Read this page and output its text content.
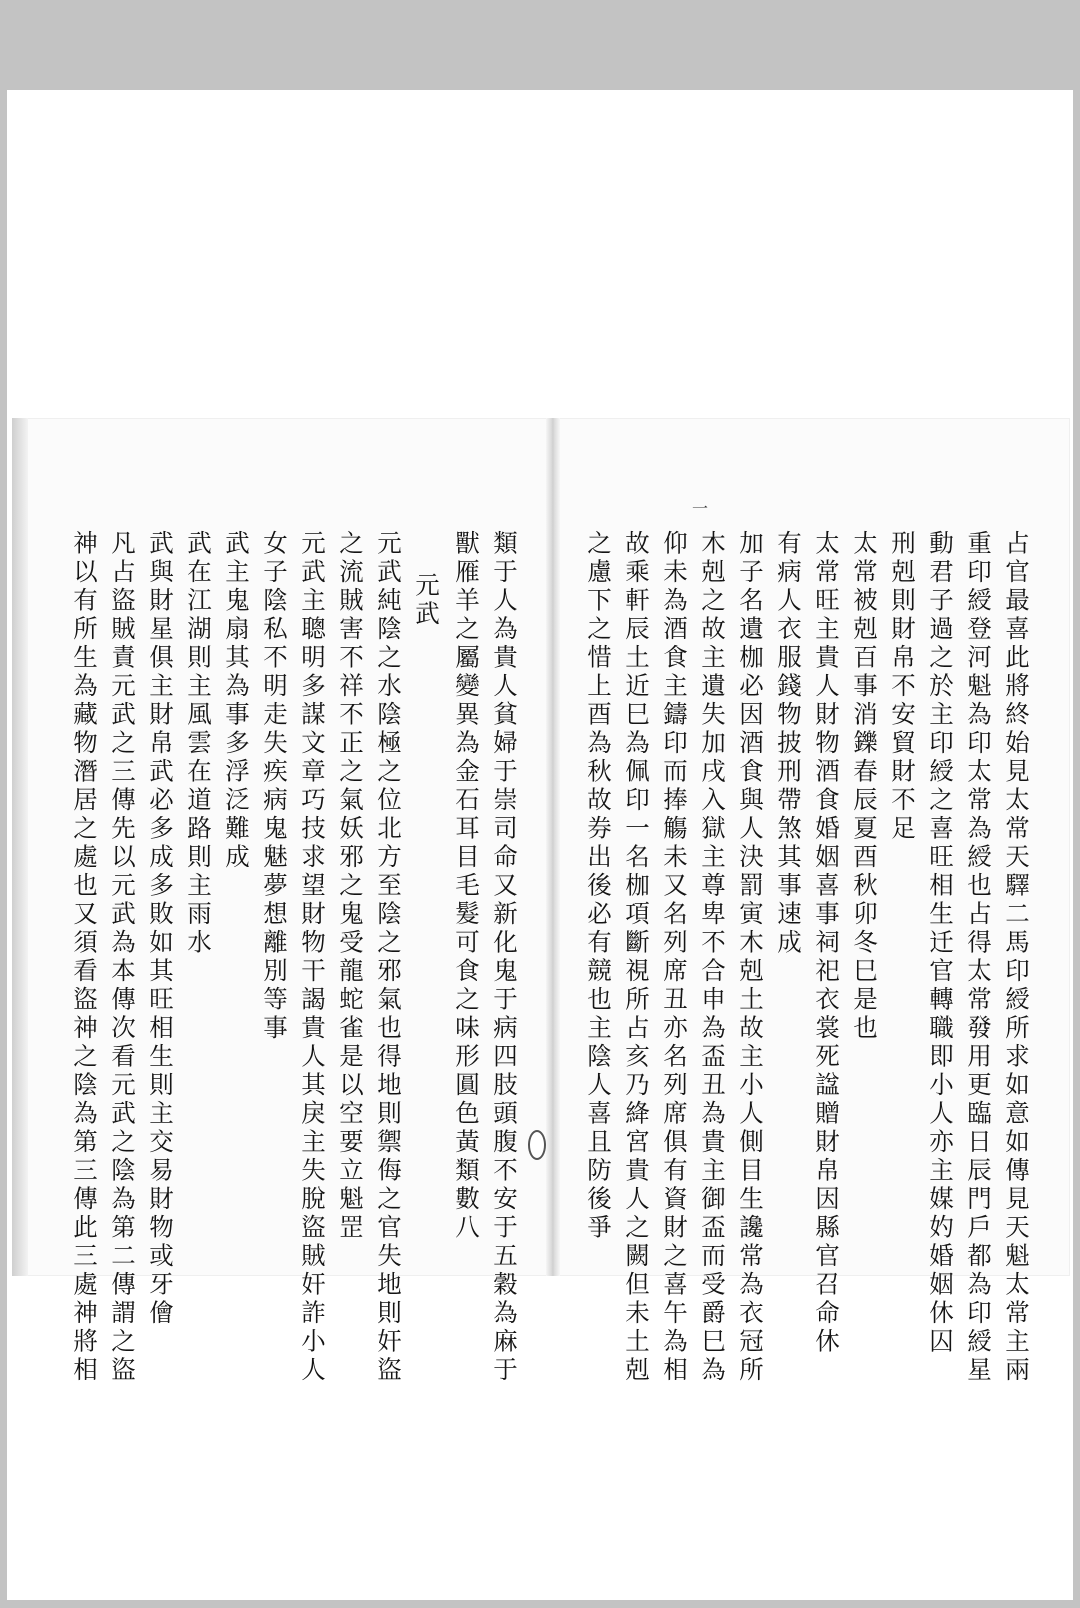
一
占官最喜此將終始見太常天驛二馬印綬所求如意如傳見天魁太常主兩
重印綬登河魁為印太常為綬也占得太常發用更臨日辰門戶都為印綬星
動君子過之於主印綬之喜旺相生迁官轉職即小人亦主媒妁婚姻休囚
刑剋則財帛不安貿財不足
太常被剋百事消鑠春辰夏酉秋卯冬巳是也
太常旺主貴人財物酒食婚姻喜事祠祀衣裳死諡贈財帛因縣官召命休
有病人衣服錢物披刑帶煞其事速成
加子名遺枷必因酒食與人決罰寅木剋土故主小人側目生讒常為衣冠所
木剋之故主遺失加戌入獄主尊卑不合申為盃丑為貴主御盃而受爵巳為
仰未為酒食主鑄印而捧觴未又名列席丑亦名列席俱有資財之喜午為相
故乘軒辰土近巳為佩印一名枷項斷視所占亥乃絳宮貴人之闕但未土剋
之慮下之惜上酉為秋故券出後必有競也主陰人喜且防後爭
類于人為貴人貧婦于崇司命又新化鬼于病四肢頭腹不安于五穀為麻于
獸雁羊之屬變異為金石耳目毛髮可食之味形圓色黃類數八
元武
元武純陰之水陰極之位北方至陰之邪氣也得地則禦侮之官失地則奸盜
之流賊害不祥不正之氣妖邪之鬼受龍蛇雀是以空要立魁罡
元武主聰明多謀文章巧技求望財物干謁貴人其戾主失脫盜賊奸詐小人
女子陰私不明走失疾病鬼魅夢想離別等事
武主鬼扇其為事多浮泛難成
武在江湖則主風雲在道路則主雨水
武與財星俱主財帛武必多成多敗如其旺相生則主交易財物或牙儈
凡占盜賊責元武之三傳先以元武為本傳次看元武之陰為第二傳謂之盜
神以有所生為藏物潛居之處也又須看盜神之陰為第三傳此三處神將相
